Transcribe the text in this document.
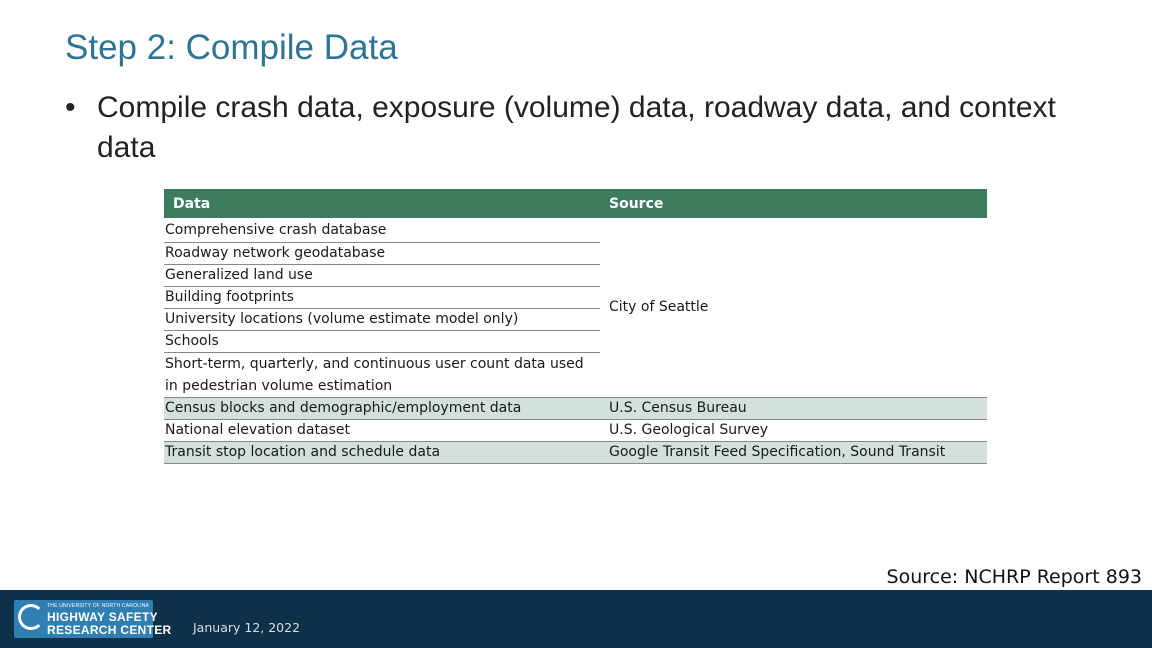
Step 2: Compile Data
• Compile crash data, exposure (volume) data, roadway data, and context data
Data	Source
Comprehensive crash database	City of Seattle
Roadway network geodatabase	
Generalized land use	
Building footprints	
University locations (volume estimate model only)	
Schools	
Short-term, quarterly, and continuous user count data used in pedestrian volume estimation	
Census blocks and demographic/employment data	U.S. Census Bureau
National elevation dataset	U.S. Geological Survey
Transit stop location and schedule data	Google Transit Feed Specification, Sound Transit
Source: NCHRP Report 893
THE UNIVERSITY OF NORTH CAROLINA
HIGHWAY SAFETY
RESEARCH CENTER January 12, 2022
